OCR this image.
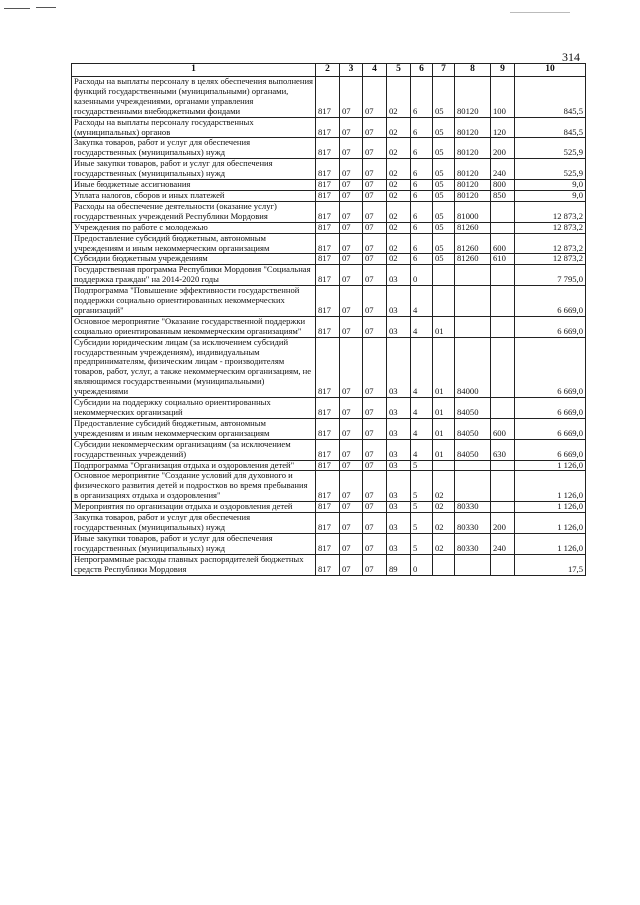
314
1	2	3	4	5	6	7	8	9	10
Расходы на выплаты персоналу в целях обеспечения выполнения функций государственными (муниципальными) органами, казенными учреждениями, органами управления государственными внебюджетными фондами	817	07	07	02	6	05	80120	100	845,5
Расходы на выплаты персоналу государственных (муниципальных) органов	817	07	07	02	6	05	80120	120	845,5
Закупка товаров, работ и услуг для обеспечения государственных (муниципальных) нужд	817	07	07	02	6	05	80120	200	525,9
Иные закупки товаров, работ и услуг для обеспечения государственных (муниципальных) нужд	817	07	07	02	6	05	80120	240	525,9
Иные бюджетные ассигнования	817	07	07	02	6	05	80120	800	9,0
Уплата налогов, сборов и иных платежей	817	07	07	02	6	05	80120	850	9,0
Расходы на обеспечение деятельности (оказание услуг) государственных учреждений Республики Мордовия	817	07	07	02	6	05	81000		12 873,2
Учреждения по работе с молодежью	817	07	07	02	6	05	81260		12 873,2
Предоставление субсидий бюджетным, автономным учреждениям и иным некоммерческим организациям	817	07	07	02	6	05	81260	600	12 873,2
Субсидии бюджетным учреждениям	817	07	07	02	6	05	81260	610	12 873,2
Государственная программа Республики Мордовия "Социальная поддержка граждан" на 2014-2020 годы	817	07	07	03	0				7 795,0
Подпрограмма "Повышение эффективности государственной поддержки социально ориентированных некоммерческих организаций"	817	07	07	03	4				6 669,0
Основное мероприятие "Оказание государственной поддержки социально ориентированным некоммерческим организациям"	817	07	07	03	4	01			6 669,0
Субсидии юридическим лицам (за исключением субсидий государственным учреждениям), индивидуальным предпринимателям, физическим лицам - производителям товаров, работ, услуг, а также некоммерческим организациям, не являющимся государственными (муниципальными) учреждениями	817	07	07	03	4	01	84000		6 669,0
Субсидии на поддержку социально ориентированных некоммерческих организаций	817	07	07	03	4	01	84050		6 669,0
Предоставление субсидий бюджетным, автономным учреждениям и иным некоммерческим организациям	817	07	07	03	4	01	84050	600	6 669,0
Субсидии некоммерческим организациям (за исключением государственных учреждений)	817	07	07	03	4	01	84050	630	6 669,0
Подпрограмма "Организация отдыха и оздоровления детей"	817	07	07	03	5				1 126,0
Основное мероприятие "Создание условий для духовного и физического развития детей и подростков во время пребывания в организациях отдыха и оздоровления"	817	07	07	03	5	02			1 126,0
Мероприятия по организации отдыха и оздоровления детей	817	07	07	03	5	02	80330		1 126,0
Закупка товаров, работ и услуг для обеспечения государственных (муниципальных) нужд	817	07	07	03	5	02	80330	200	1 126,0
Иные закупки товаров, работ и услуг для обеспечения государственных (муниципальных) нужд	817	07	07	03	5	02	80330	240	1 126,0
Непрограммные расходы главных распорядителей бюджетных средств Республики Мордовия	817	07	07	89	0				17,5
